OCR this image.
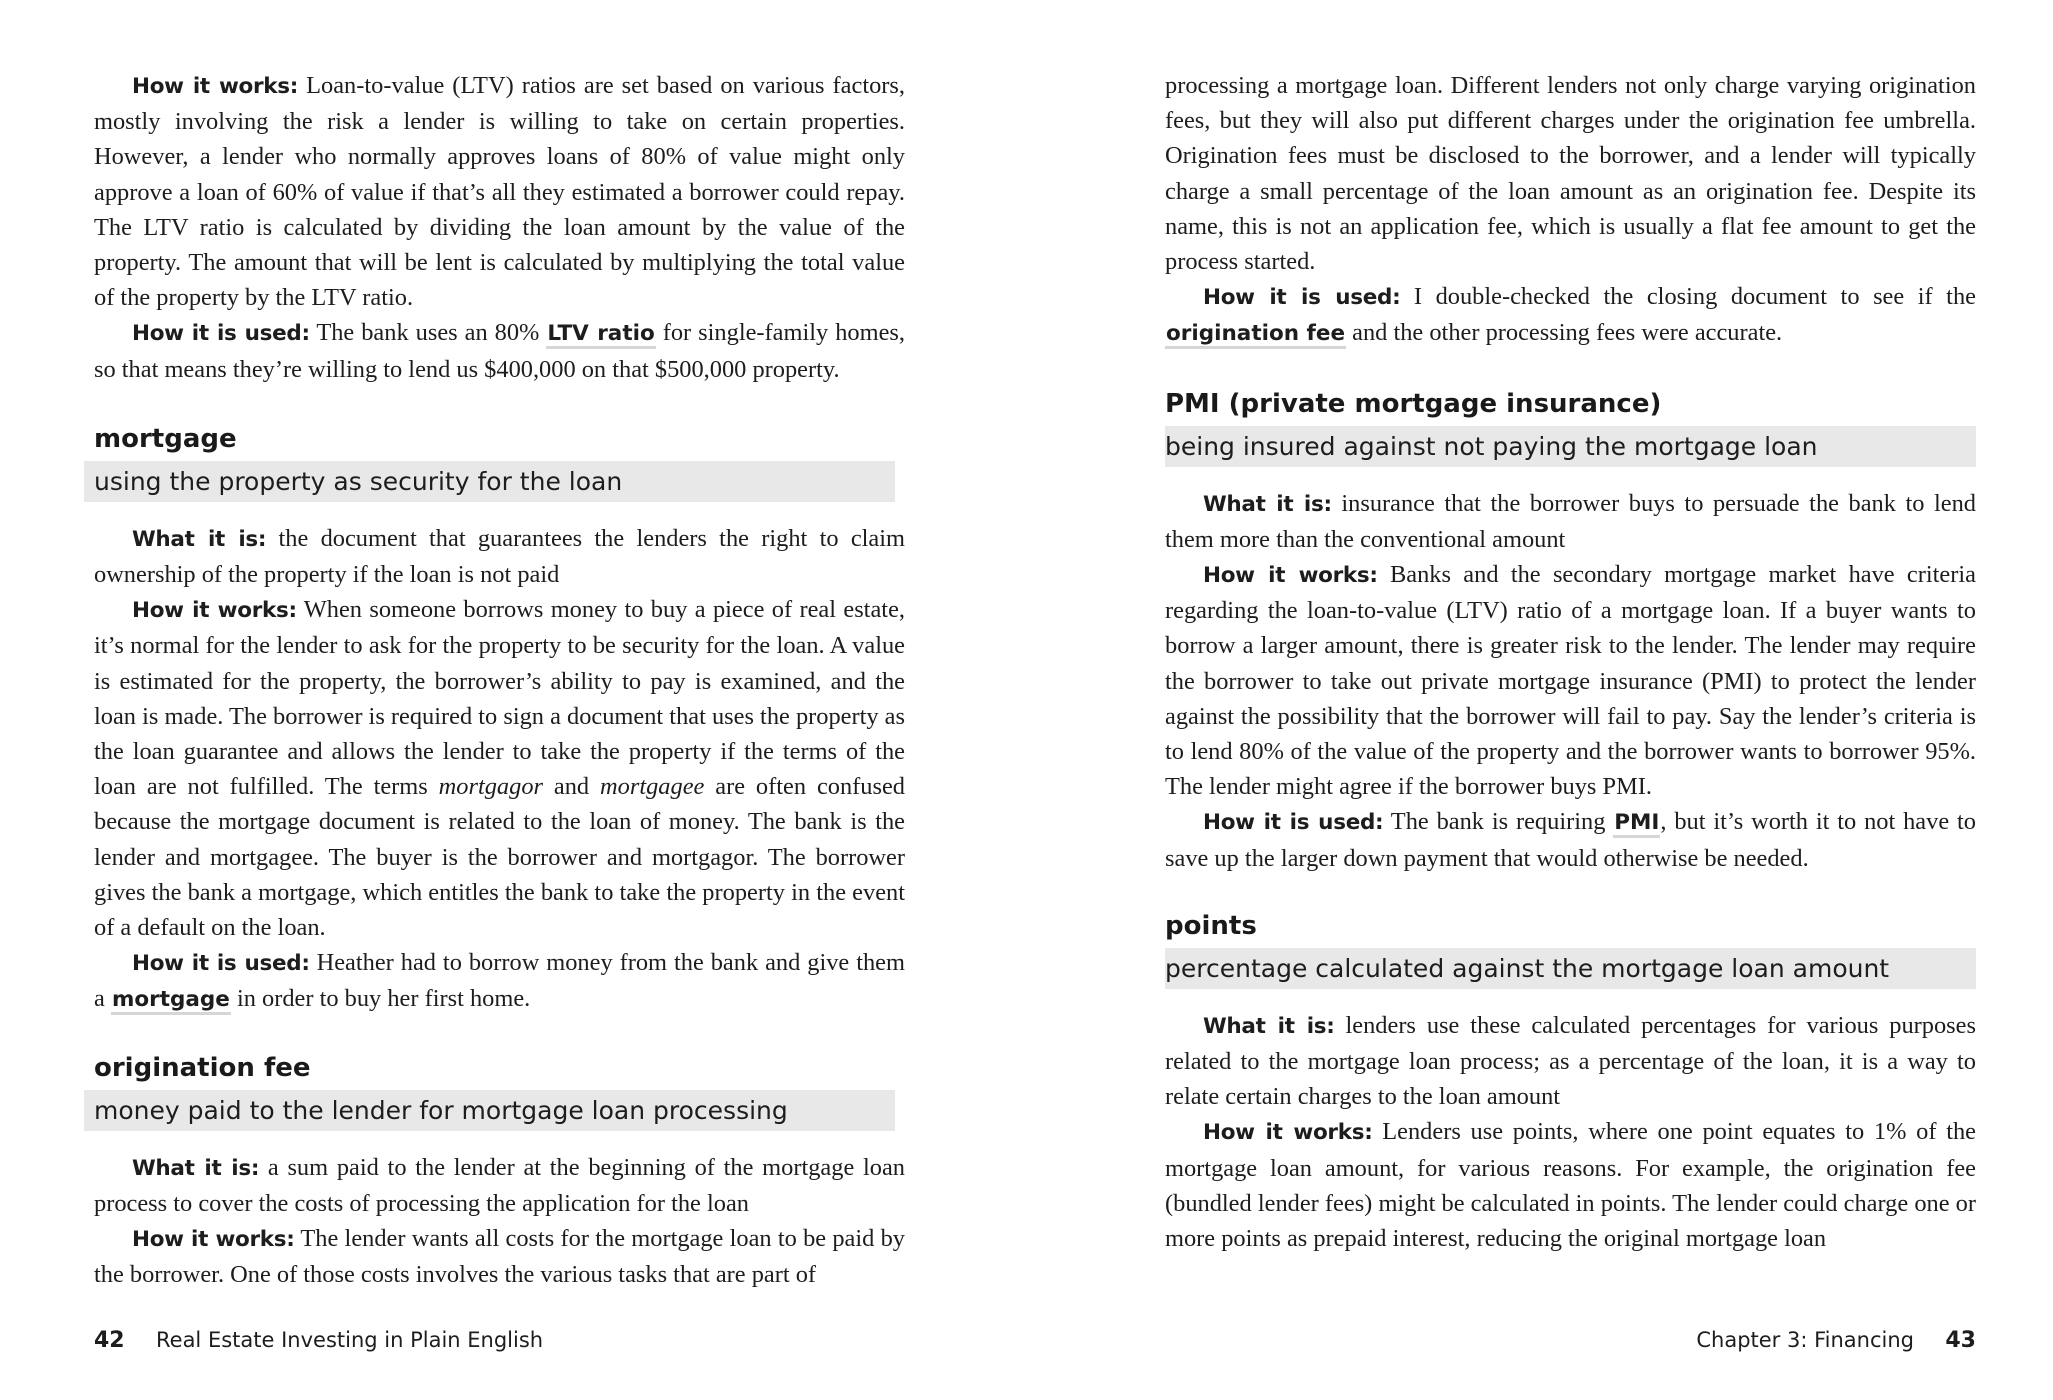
How it works: Loan-to-value (LTV) ratios are set based on various factors, mostly involving the risk a lender is willing to take on certain properties. However, a lender who normally approves loans of 80% of value might only approve a loan of 60% of value if that’s all they estimated a borrower could repay. The LTV ratio is calculated by dividing the loan amount by the value of the property. The amount that will be lent is calculated by multiplying the total value of the property by the LTV ratio.

How it is used: The bank uses an 80% LTV ratio for single-family homes, so that means they’re willing to lend us $400,000 on that $500,000 property.

mortgage
using the property as security for the loan

What it is: the document that guarantees the lenders the right to claim ownership of the property if the loan is not paid

How it works: When someone borrows money to buy a piece of real estate, it’s normal for the lender to ask for the property to be security for the loan. A value is estimated for the property, the borrower’s ability to pay is examined, and the loan is made. The borrower is required to sign a document that uses the property as the loan guarantee and allows the lender to take the property if the terms of the loan are not fulfilled. The terms mortgagor and mortgagee are often confused because the mortgage document is related to the loan of money. The bank is the lender and mortgagee. The buyer is the borrower and mortgagor. The borrower gives the bank a mortgage, which entitles the bank to take the property in the event of a default on the loan.

How it is used: Heather had to borrow money from the bank and give them a mortgage in order to buy her first home.

origination fee
money paid to the lender for mortgage loan processing

What it is: a sum paid to the lender at the beginning of the mortgage loan process to cover the costs of processing the application for the loan

How it works: The lender wants all costs for the mortgage loan to be paid by the borrower. One of those costs involves the various tasks that are part of

42 Real Estate Investing in Plain English

processing a mortgage loan. Different lenders not only charge varying origination fees, but they will also put different charges under the origination fee umbrella. Origination fees must be disclosed to the borrower, and a lender will typically charge a small percentage of the loan amount as an origination fee. Despite its name, this is not an application fee, which is usually a flat fee amount to get the process started.

How it is used: I double-checked the closing document to see if the origination fee and the other processing fees were accurate.

PMI (private mortgage insurance)
being insured against not paying the mortgage loan

What it is: insurance that the borrower buys to persuade the bank to lend them more than the conventional amount

How it works: Banks and the secondary mortgage market have criteria regarding the loan-to-value (LTV) ratio of a mortgage loan. If a buyer wants to borrow a larger amount, there is greater risk to the lender. The lender may require the borrower to take out private mortgage insurance (PMI) to protect the lender against the possibility that the borrower will fail to pay. Say the lender’s criteria is to lend 80% of the value of the property and the borrower wants to borrower 95%. The lender might agree if the borrower buys PMI.

How it is used: The bank is requiring PMI, but it’s worth it to not have to save up the larger down payment that would otherwise be needed.

points
percentage calculated against the mortgage loan amount

What it is: lenders use these calculated percentages for various purposes related to the mortgage loan process; as a percentage of the loan, it is a way to relate certain charges to the loan amount

How it works: Lenders use points, where one point equates to 1% of the mortgage loan amount, for various reasons. For example, the origination fee (bundled lender fees) might be calculated in points. The lender could charge one or more points as prepaid interest, reducing the original mortgage loan

Chapter 3: Financing 43
